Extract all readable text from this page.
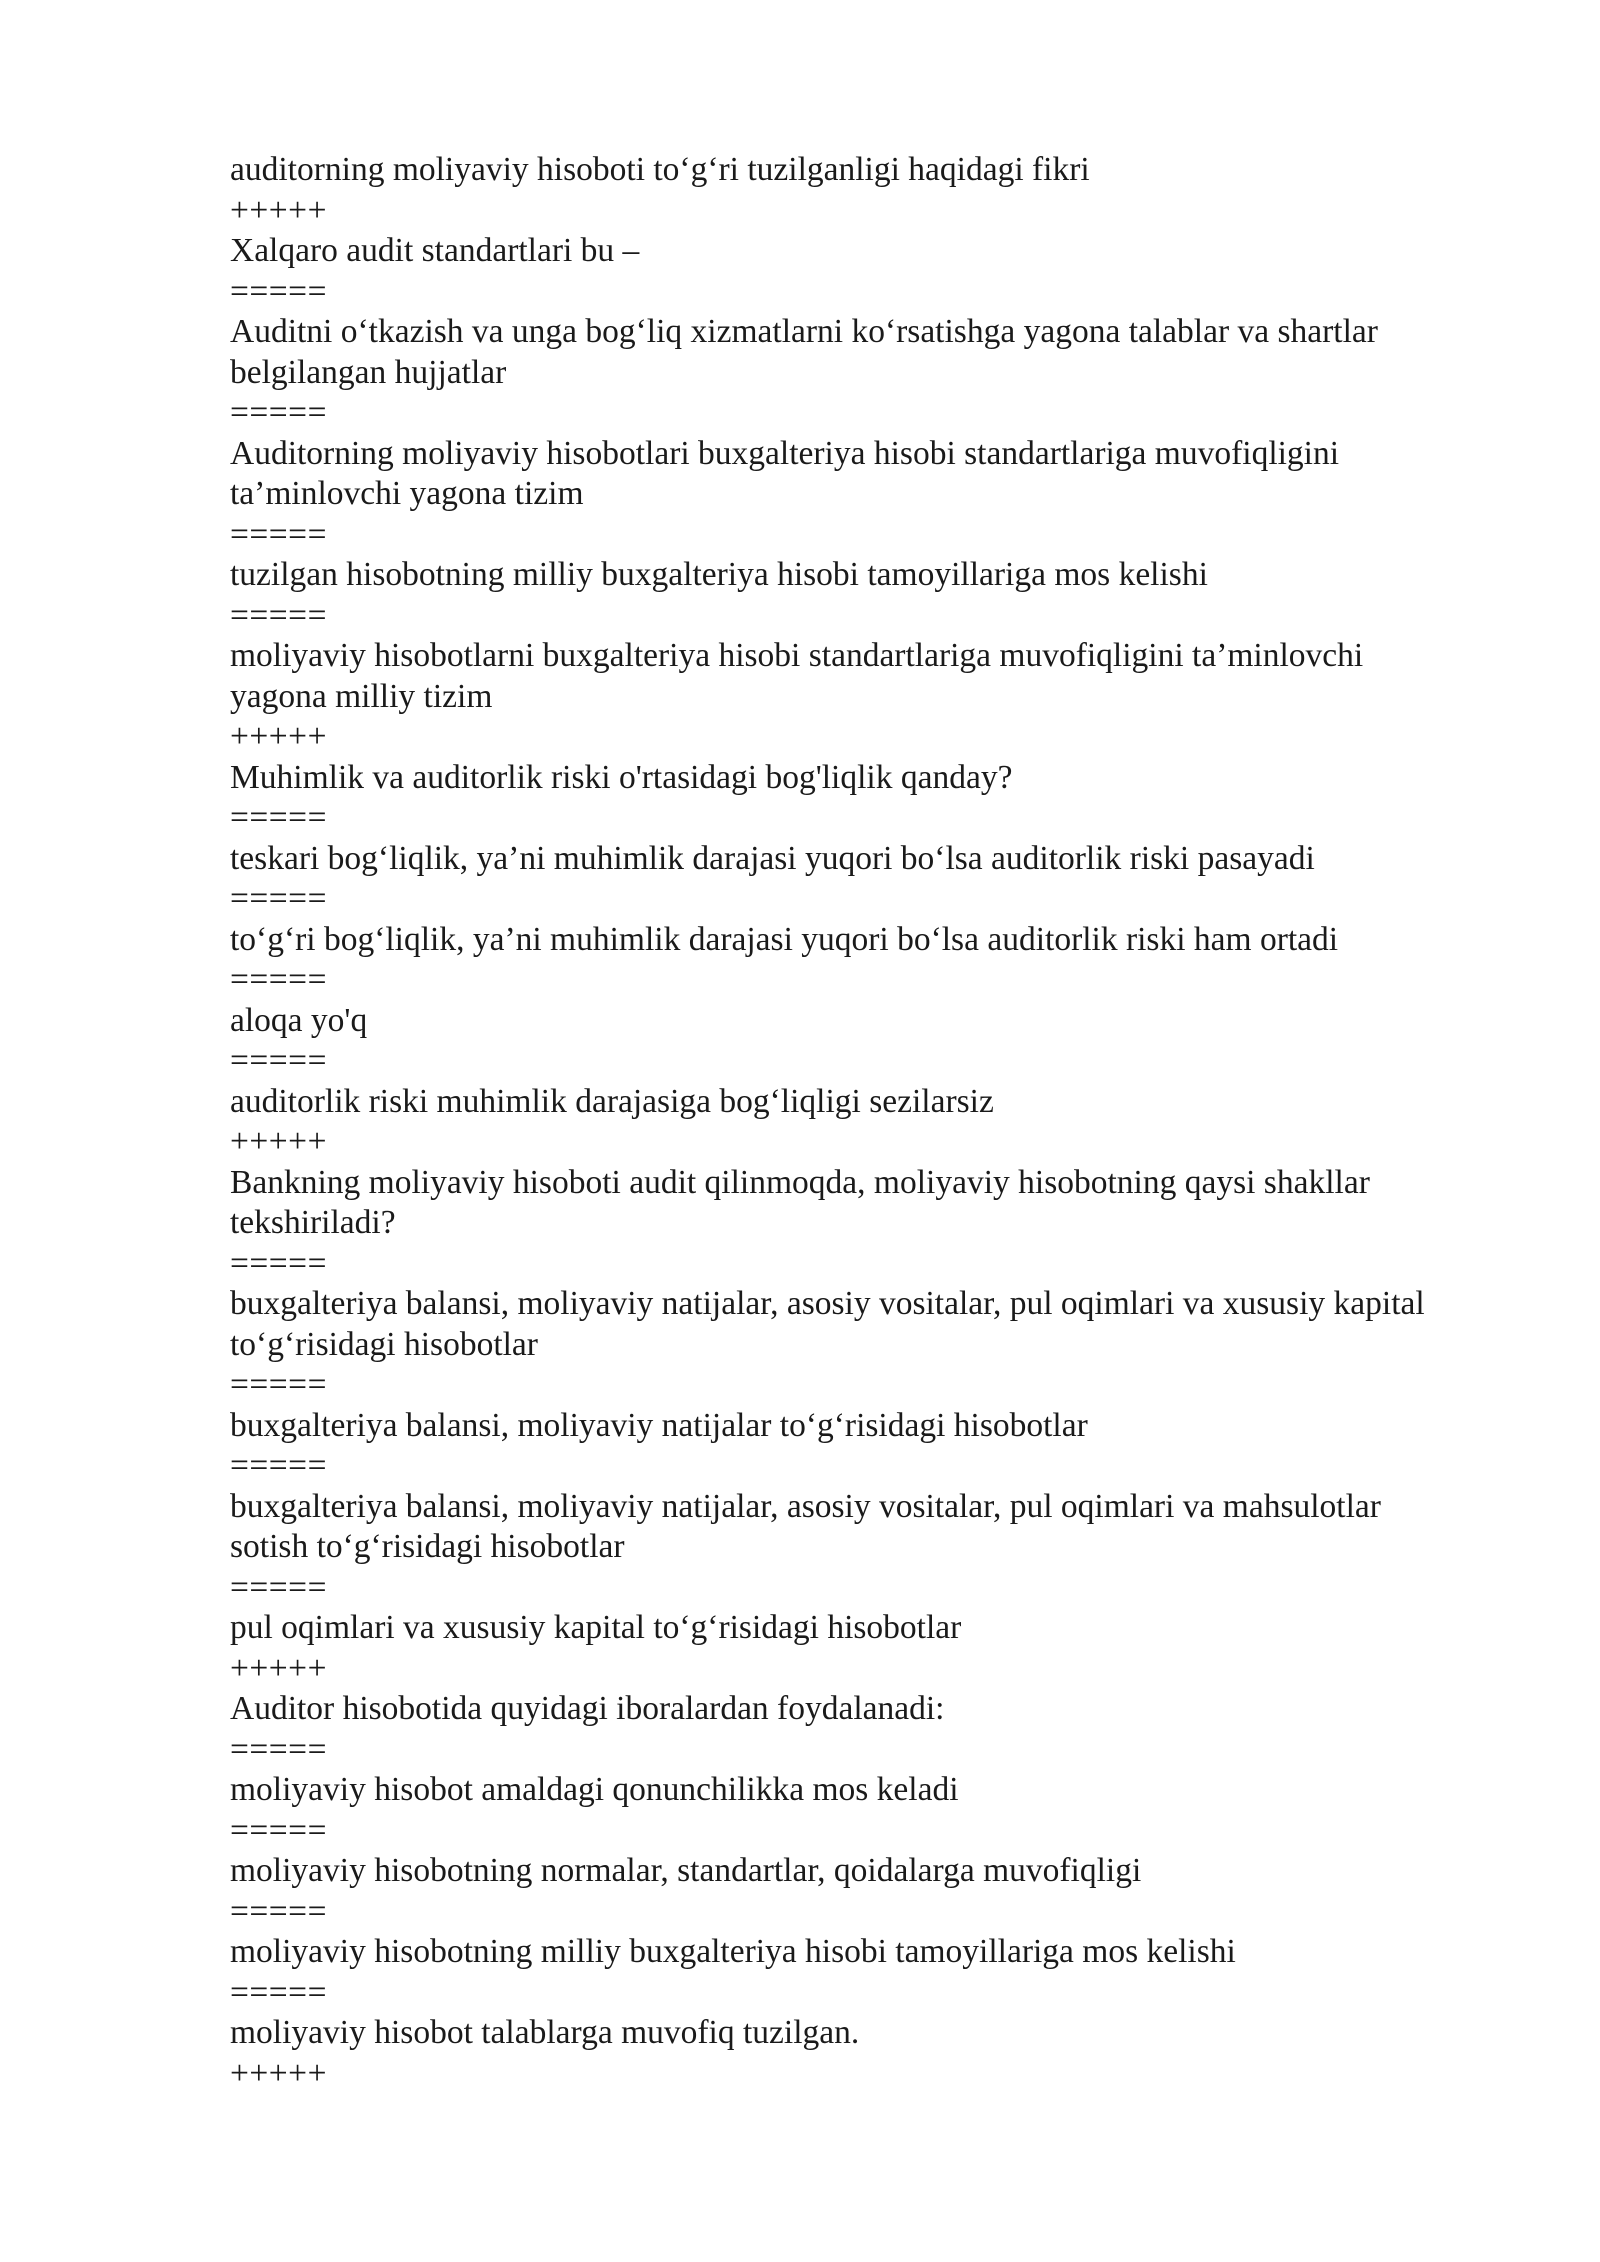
auditorning moliyaviy hisoboti to‘g‘ri tuzilganligi haqidagi fikri
+++++
Xalqaro audit standartlari bu –
=====
Auditni o‘tkazish va unga bog‘liq xizmatlarni ko‘rsatishga yagona talablar va shartlar
belgilangan hujjatlar
=====
Auditorning moliyaviy hisobotlari buxgalteriya hisobi standartlariga muvofiqligini
ta’minlovchi yagona tizim
=====
tuzilgan hisobotning milliy buxgalteriya hisobi tamoyillariga mos kelishi
=====
moliyaviy hisobotlarni buxgalteriya hisobi standartlariga muvofiqligini ta’minlovchi
yagona milliy tizim
+++++
Muhimlik va auditorlik riski o'rtasidagi bog'liqlik qanday?
=====
teskari bog‘liqlik, ya’ni muhimlik darajasi yuqori bo‘lsa auditorlik riski pasayadi
=====
to‘g‘ri bog‘liqlik, ya’ni muhimlik darajasi yuqori bo‘lsa auditorlik riski ham ortadi
=====
aloqa yo'q
=====
auditorlik riski muhimlik darajasiga bog‘liqligi sezilarsiz
+++++
Bankning moliyaviy hisoboti audit qilinmoqda, moliyaviy hisobotning qaysi shakllar
tekshiriladi?
=====
buxgalteriya balansi, moliyaviy natijalar, asosiy vositalar, pul oqimlari va xususiy kapital
to‘g‘risidagi hisobotlar
=====
buxgalteriya balansi, moliyaviy natijalar to‘g‘risidagi hisobotlar
=====
buxgalteriya balansi, moliyaviy natijalar, asosiy vositalar, pul oqimlari va mahsulotlar
sotish to‘g‘risidagi hisobotlar
=====
pul oqimlari va xususiy kapital to‘g‘risidagi hisobotlar
+++++
Auditor hisobotida quyidagi iboralardan foydalanadi:
=====
moliyaviy hisobot amaldagi qonunchilikka mos keladi
=====
moliyaviy hisobotning normalar, standartlar, qoidalarga muvofiqligi
=====
moliyaviy hisobotning milliy buxgalteriya hisobi tamoyillariga mos kelishi
=====
moliyaviy hisobot talablarga muvofiq tuzilgan.
+++++
